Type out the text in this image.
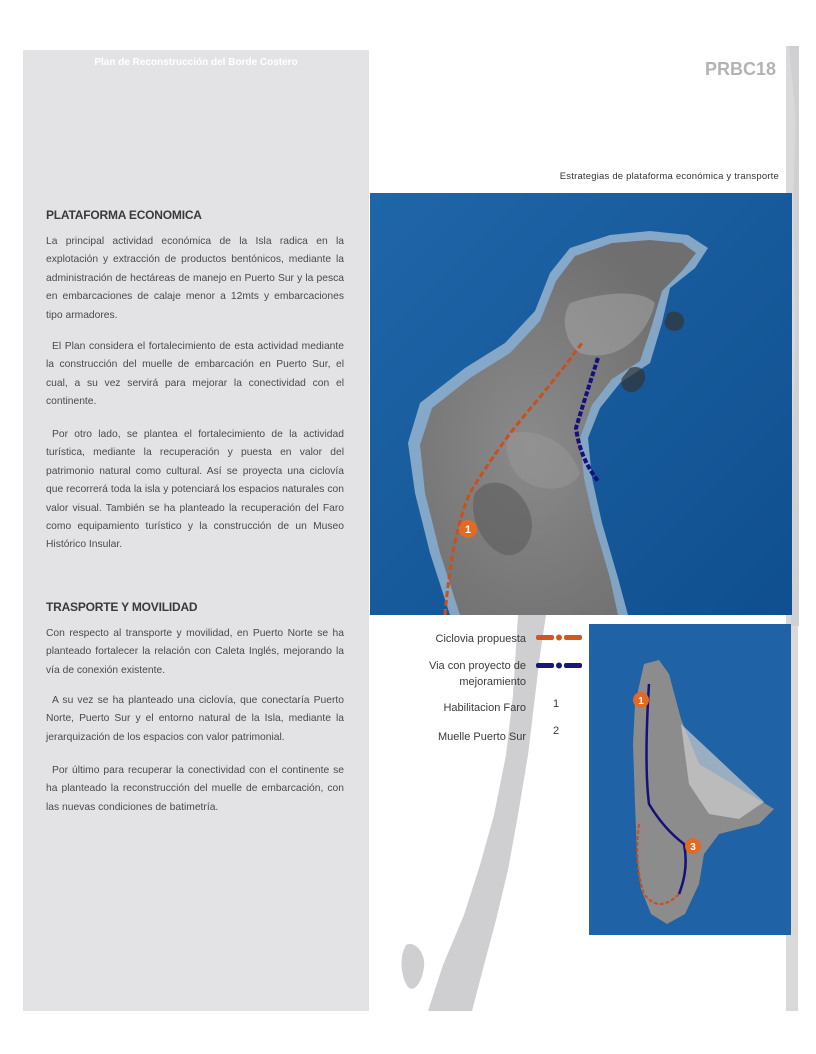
Plan de Reconstrucción del Borde Costero
PLATAFORMA ECONOMICA

La principal actividad económica de la Isla radica en la explotación y extracción de productos bentónicos, mediante la administración de hectáreas de manejo en Puerto Sur y la pesca en embarcaciones de calaje menor a 12mts y embarcaciones tipo armadores.

El Plan considera el fortalecimiento de esta actividad mediante la construcción del muelle de embarcación en Puerto Sur, el cual, a su vez servirá para mejorar la conectividad con el continente.

Por otro lado, se plantea el fortalecimiento de la actividad turística, mediante la recuperación y puesta en valor del patrimonio natural como cultural. Así se proyecta una ciclovía que recorrerá toda la isla y potenciará los espacios naturales con valor visual. También se ha planteado la recuperación del Faro como equipamiento turístico y la construcción de un Museo Histórico Insular.

TRASPORTE Y MOVILIDAD

Con respecto al transporte y movilidad, en Puerto Norte se ha planteado fortalecer la relación con Caleta Inglés, mejorando la vía de conexión existente.

A su vez se ha planteado una ciclovía, que conectaría Puerto Norte, Puerto Sur y el entorno natural de la Isla, mediante la jerarquización de los espacios con valor patrimonial.

Por último para recuperar la conectividad con el continente se ha planteado la reconstrucción del muelle de embarcación, con las nuevas condiciones de batimetría.

PRBC18
Estrategias de plataforma económica y transporte
1
1
3
Ciclovia propuesta
Via con proyecto de mejoramiento
Habilitacion Faro 1
Muelle Puerto Sur 2
23
